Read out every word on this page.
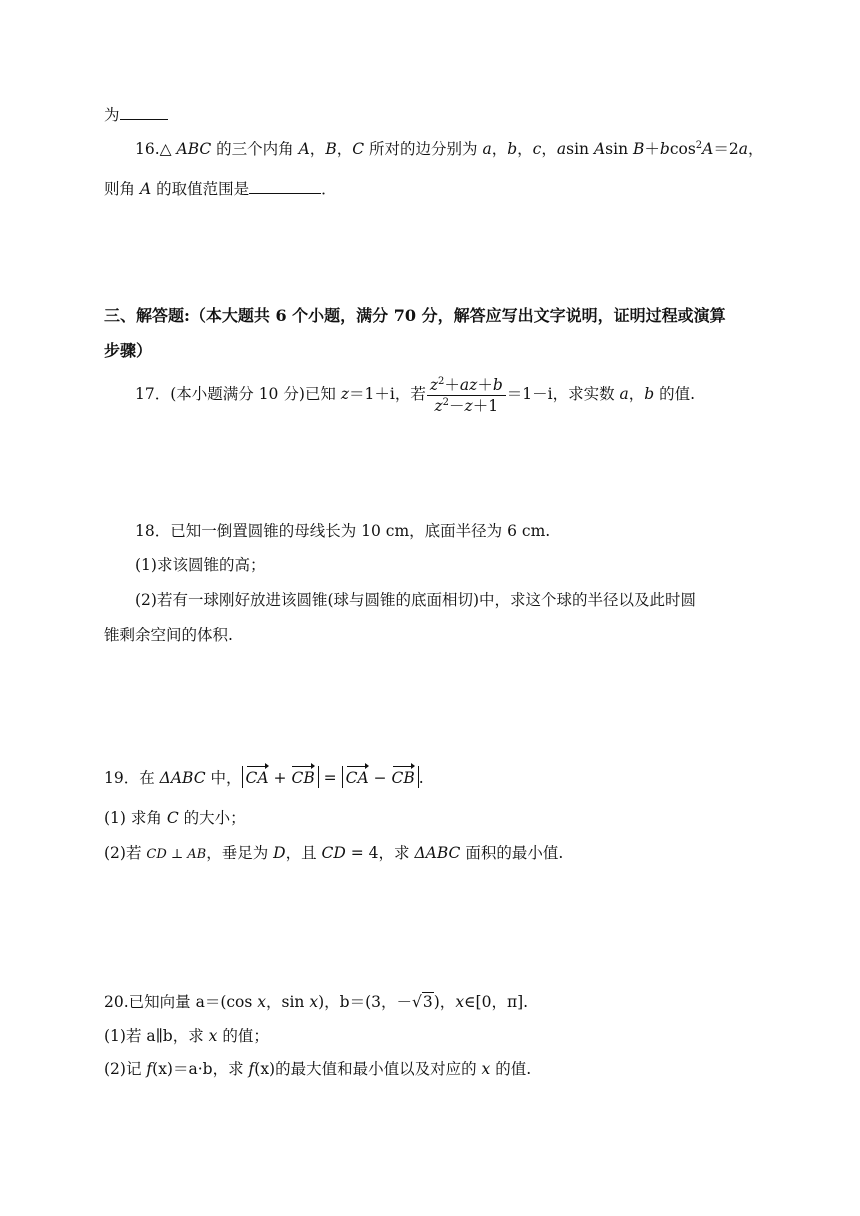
为
16.△ ABC 的三个内角 A，B，C 所对的边分别为 a，b，c，asin Asin B＋bcos$^2$A＝2a，
则角 A 的取值范围是	．
三、解答题:（本大题共 6 个小题，满分 70 分，解答应写出文字说明，证明过程或演算
步骤）
17．(本小题满分 10 分)已知 z＝1＋i，若 $\frac{z^2+az+b}{z^2-z+1} =1-i$，求实数 a，b 的值.
18．已知一倒置圆锥的母线长为 10 cm，底面半径为 6 cm.
(1)求该圆锥的高；
(2)若有一球刚好放进该圆锥(球与圆锥的底面相切)中，求这个球的半径以及此时圆
锥剩余空间的体积.
19．在 ΔABC 中， CA + CB = CA − CB .
(1) 求角 C 的大小；
(2)若 CD ⊥ AB，垂足为 D，且 CD = 4，求 ΔABC 面积的最小值.
20.已知向量 a＝(cos x，sin x)，b＝(3，－√3)，x∈[0，π].
(1)若 a∥b，求 x 的值；
(2)记 f(x)＝a·b，求 f(x)的最大值和最小值以及对应的 x 的值.
